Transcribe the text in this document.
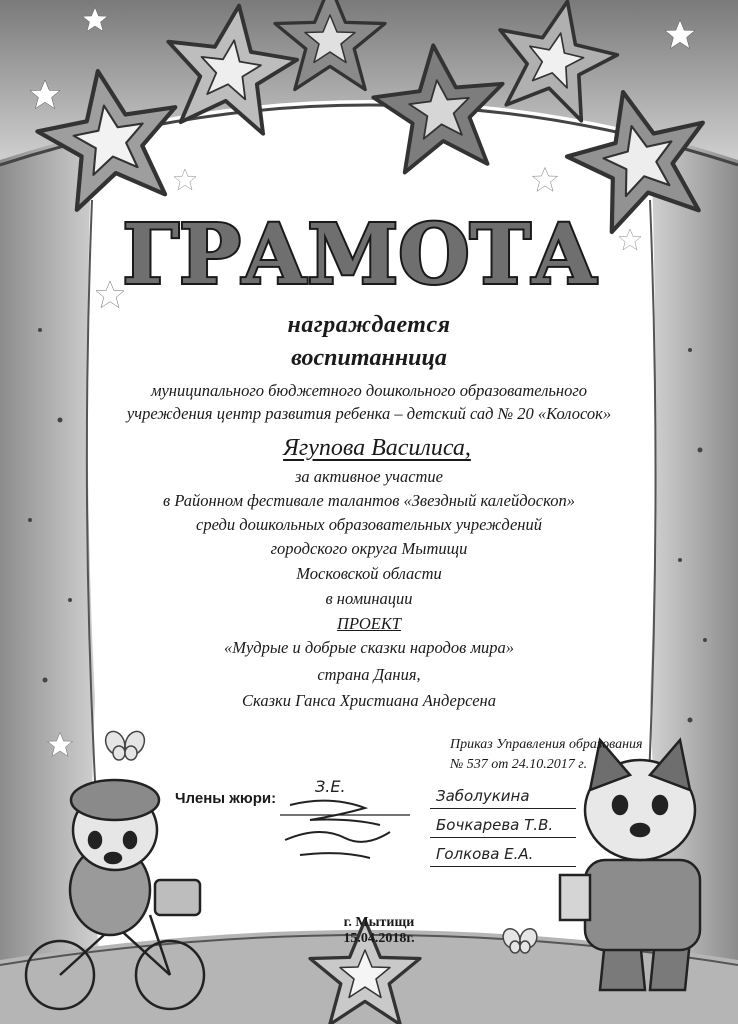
ГРАМОТА
награждается
воспитанница
муниципального бюджетного дошкольного образовательного
учреждения центр развития ребенка – детский сад № 20 «Колосок»
Ягупова Василиса,
за активное участие
в Районном фестивале талантов «Звездный калейдоскоп»
среди дошкольных образовательных учреждений
городского округа Мытищи
Московской области
в номинации
ПРОЕКТ
«Мудрые и добрые сказки народов мира»
страна Дания,
Сказки Ганса Христиана Андерсена
Приказ Управления образования
№ 537 от 24.10.2017 г.
Члены жюри:
З.Е.	Заболукина
Бочкарева Т.В.
Голкова Е.А.
г. Мытищи
15.04.2018г.
